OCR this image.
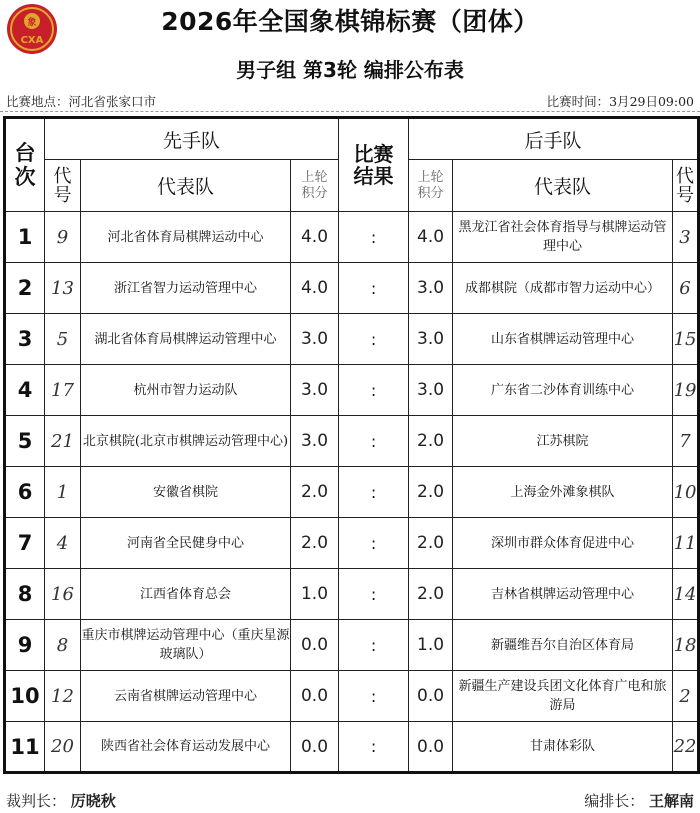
象
CXA
2026年全国象棋锦标赛（团体）
男子组 第3轮 编排公布表
比赛地点：河北省张家口市	比赛时间：3月29日09:00
台次	先手队			比赛结果	后手队		
	代号	代表队	上轮积分		上轮积分	代表队	代号
1	9	河北省体育局棋牌运动中心	4.0	:	4.0	黑龙江省社会体育指导与棋牌运动管理中心	3
2	13	浙江省智力运动管理中心	4.0	:	3.0	成都棋院（成都市智力运动中心）	6
3	5	湖北省体育局棋牌运动管理中心	3.0	:	3.0	山东省棋牌运动管理中心	15
4	17	杭州市智力运动队	3.0	:	3.0	广东省二沙体育训练中心	19
5	21	北京棋院(北京市棋牌运动管理中心)	3.0	:	2.0	江苏棋院	7
6	1	安徽省棋院	2.0	:	2.0	上海金外滩象棋队	10
7	4	河南省全民健身中心	2.0	:	2.0	深圳市群众体育促进中心	11
8	16	江西省体育总会	1.0	:	2.0	吉林省棋牌运动管理中心	14
9	8	重庆市棋牌运动管理中心（重庆星源玻璃队）	0.0	:	1.0	新疆维吾尔自治区体育局	18
10	12	云南省棋牌运动管理中心	0.0	:	0.0	新疆生产建设兵团文化体育广电和旅游局	2
11	20	陕西省社会体育运动发展中心	0.0	:	0.0	甘肃体彩队	22
裁判长： 厉晓秋	编排长： 王解南
